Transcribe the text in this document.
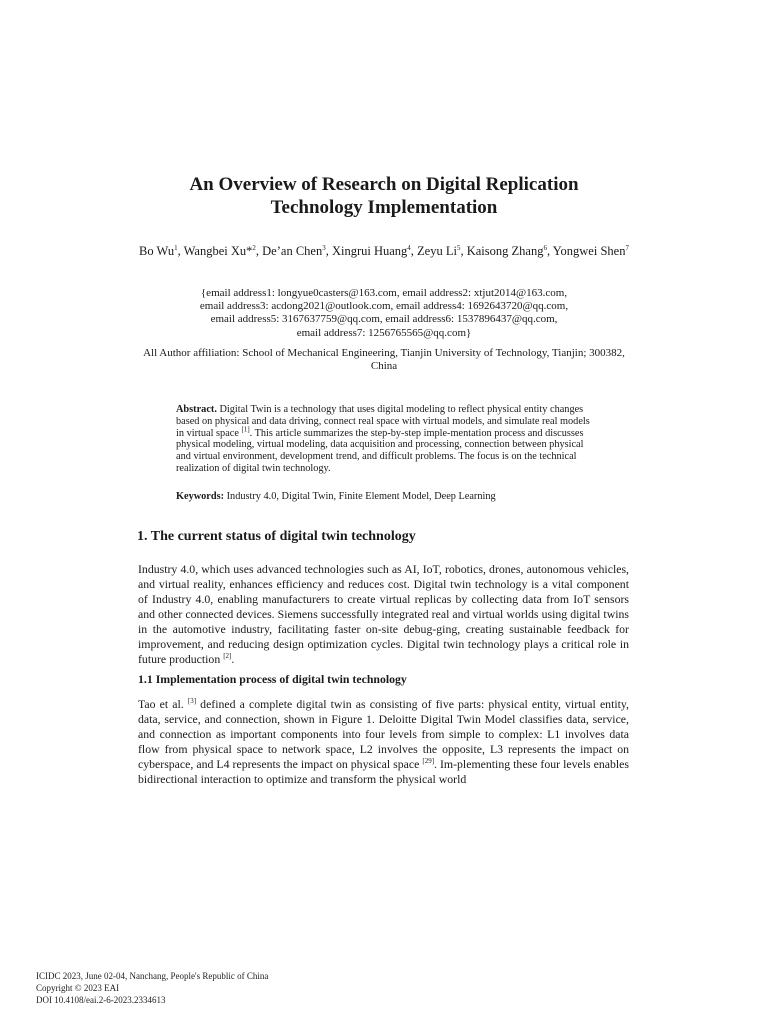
An Overview of Research on Digital Replication
Technology Implementation
Bo Wu$^1$, Wangbei Xu*$^2$, De’an Chen$^3$, Xingrui Huang$^4$, Zeyu Li$^5$, Kaisong Zhang$^6$, Yongwei Shen$^7$
{email address1: longyue0casters@163.com, email address2: xtjut2014@163.com,
email address3: acdong2021@outlook.com, email address4: 1692643720@qq.com,
email address5: 3167637759@qq.com, email address6: 1537896437@qq.com,
email address7: 1256765565@qq.com}
All Author affiliation: School of Mechanical Engineering, Tianjin University of Technology, Tianjin; 300382, China
Abstract. Digital Twin is a technology that uses digital modeling to reflect physical entity changes based on physical and data driving, connect real space with virtual models, and simulate real models in virtual space [1]. This article summarizes the step-by-step imple-mentation process and discusses physical modeling, virtual modeling, data acquisition and processing, connection between physical and virtual environment, development trend, and difficult problems. The focus is on the technical realization of digital twin technology.
Keywords: Industry 4.0, Digital Twin, Finite Element Model, Deep Learning
1. The current status of digital twin technology
Industry 4.0, which uses advanced technologies such as AI, IoT, robotics, drones, autonomous vehicles, and virtual reality, enhances efficiency and reduces cost. Digital twin technology is a vital component of Industry 4.0, enabling manufacturers to create virtual replicas by collecting data from IoT sensors and other connected devices. Siemens successfully integrated real and virtual worlds using digital twins in the automotive industry, facilitating faster on-site debug-ging, creating sustainable feedback for improvement, and reducing design optimization cycles. Digital twin technology plays a critical role in future production [2].
1.1 Implementation process of digital twin technology
Tao et al. [3] defined a complete digital twin as consisting of five parts: physical entity, virtual entity, data, service, and connection, shown in Figure 1. Deloitte Digital Twin Model classifies data, service, and connection as important components into four levels from simple to complex: L1 involves data flow from physical space to network space, L2 involves the opposite, L3 represents the impact on cyberspace, and L4 represents the impact on physical space [29]. Im-plementing these four levels enables bidirectional interaction to optimize and transform the physical world
ICIDC 2023, June 02-04, Nanchang, People's Republic of China
Copyright © 2023 EAI
DOI 10.4108/eai.2-6-2023.2334613
